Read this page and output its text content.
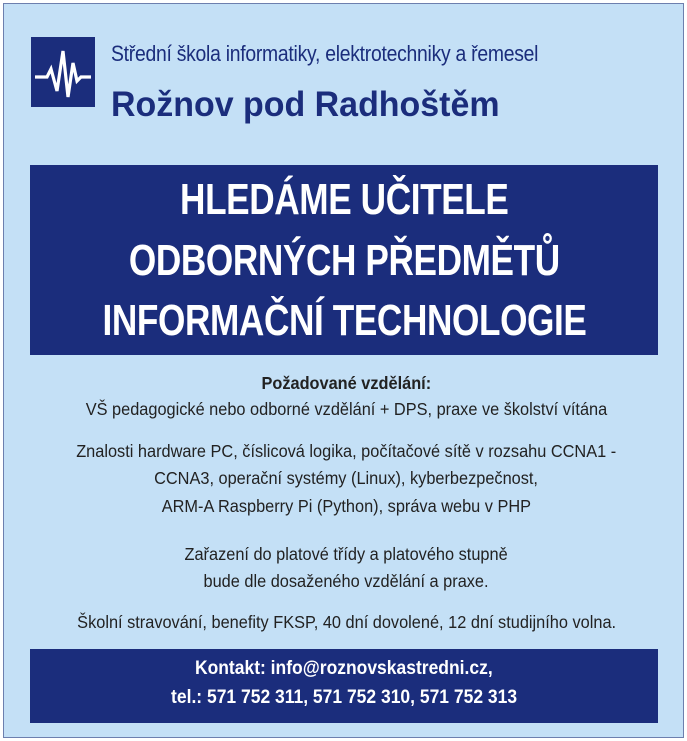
Střední škola informatiky, elektrotechniky a řemesel
Rožnov pod Radhoštěm
HLEDÁME UČITELE
ODBORNÝCH PŘEDMĚTŮ
INFORMAČNÍ TECHNOLOGIE
Požadované vzdělání:
VŠ pedagogické nebo odborné vzdělání + DPS, praxe ve školství vítána
Znalosti hardware PC, číslicová logika, počítačové sítě v rozsahu CCNA1 -
CCNA3, operační systémy (Linux), kyberbezpečnost,
ARM-A Raspberry Pi (Python), správa webu v PHP
Zařazení do platové třídy a platového stupně
bude dle dosaženého vzdělání a praxe.
Školní stravování, benefity FKSP, 40 dní dovolené, 12 dní studijního volna.
Kontakt: info@roznovskastredni.cz,
tel.: 571 752 311, 571 752 310, 571 752 313
